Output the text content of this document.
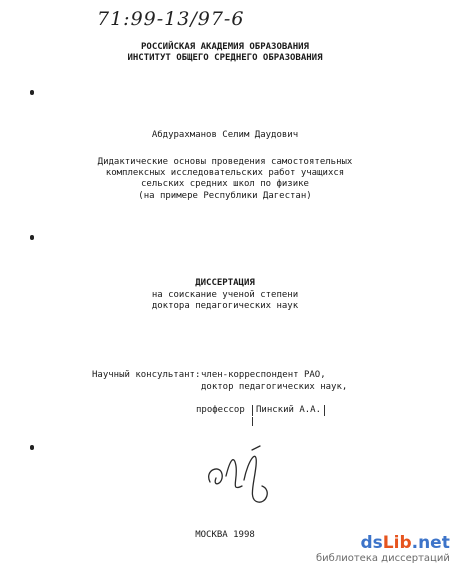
71:99-13/97-6
РОССИЙСКАЯ АКАДЕМИЯ ОБРАЗОВАНИЯ
ИНСТИТУТ ОБЩЕГО СРЕДНЕГО ОБРАЗОВАНИЯ
Абдурахманов Селим Даудович
Дидактические основы проведения самостоятельных
комплексных исследовательских работ учащихся
сельских средних школ по физике
(на примере Республики Дагестан)
ДИССЕРТАЦИЯ
на соискание ученой степени
доктора педагогических наук
Научный консультант: член-корреспондент РАО,
доктор педагогических наук,
профессор	Пинский А.А.
МОСКВА 1998	dsLib.net
библиотека диссертаций
